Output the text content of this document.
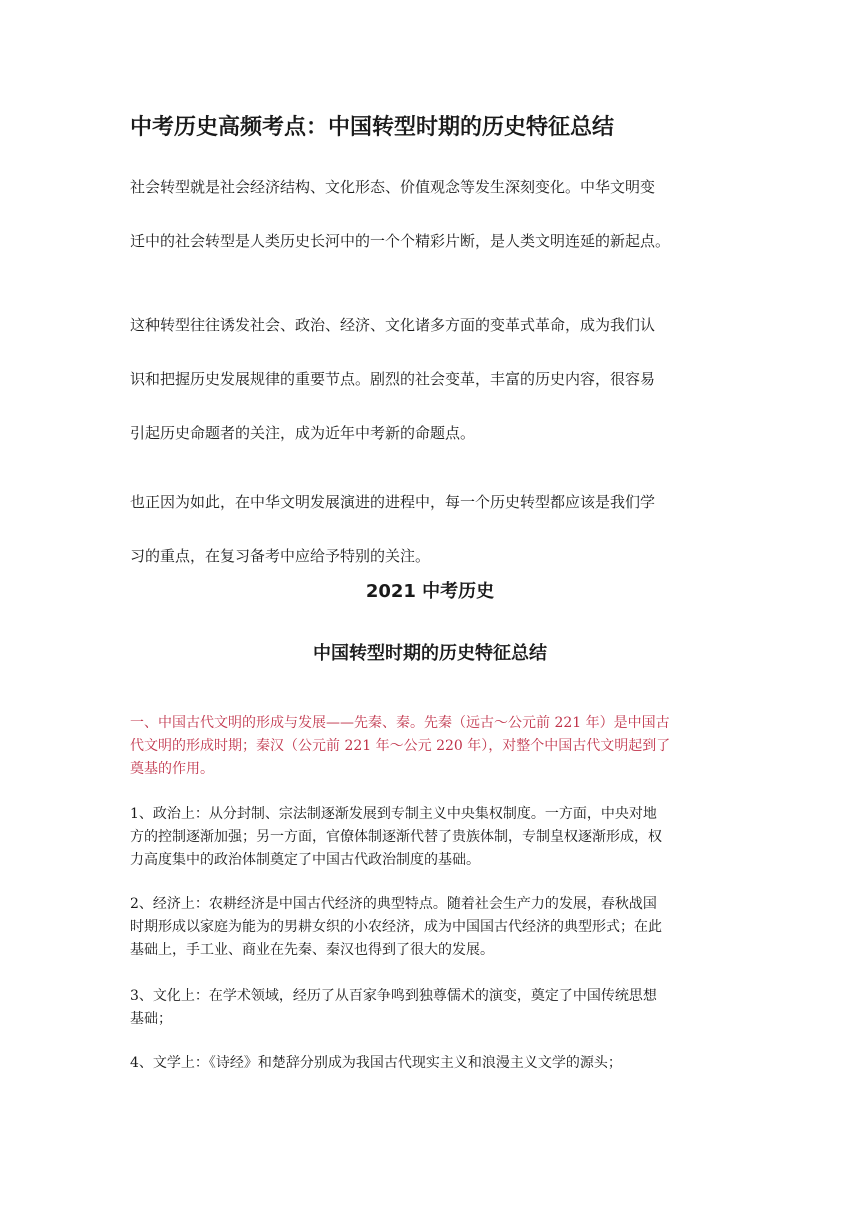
中考历史高频考点：中国转型时期的历史特征总结
社会转型就是社会经济结构、文化形态、价值观念等发生深刻变化。中华文明变
迁中的社会转型是人类历史长河中的一个个精彩片断，是人类文明连延的新起点。
这种转型往往诱发社会、政治、经济、文化诸多方面的变革式革命，成为我们认
识和把握历史发展规律的重要节点。剧烈的社会变革，丰富的历史内容，很容易
引起历史命题者的关注，成为近年中考新的命题点。
也正因为如此，在中华文明发展演进的进程中，每一个历史转型都应该是我们学
习的重点，在复习备考中应给予特别的关注。
2021 中考历史
中国转型时期的历史特征总结
一、中国古代文明的形成与发展——先秦、秦。先秦（远古～公元前 221 年）是中国古
代文明的形成时期；秦汉（公元前 221 年～公元 220 年），对整个中国古代文明起到了
奠基的作用。
1、政治上：从分封制、宗法制逐渐发展到专制主义中央集权制度。一方面，中央对地
方的控制逐渐加强；另一方面，官僚体制逐渐代替了贵族体制，专制皇权逐渐形成，权
力高度集中的政治体制奠定了中国古代政治制度的基础。
2、经济上：农耕经济是中国古代经济的典型特点。随着社会生产力的发展，春秋战国
时期形成以家庭为能为的男耕女织的小农经济，成为中国国古代经济的典型形式；在此
基础上，手工业、商业在先秦、秦汉也得到了很大的发展。
3、文化上：在学术领域，经历了从百家争鸣到独尊儒术的演变，奠定了中国传统思想
基础；
4、文学上：《诗经》和楚辞分别成为我国古代现实主义和浪漫主义文学的源头；
